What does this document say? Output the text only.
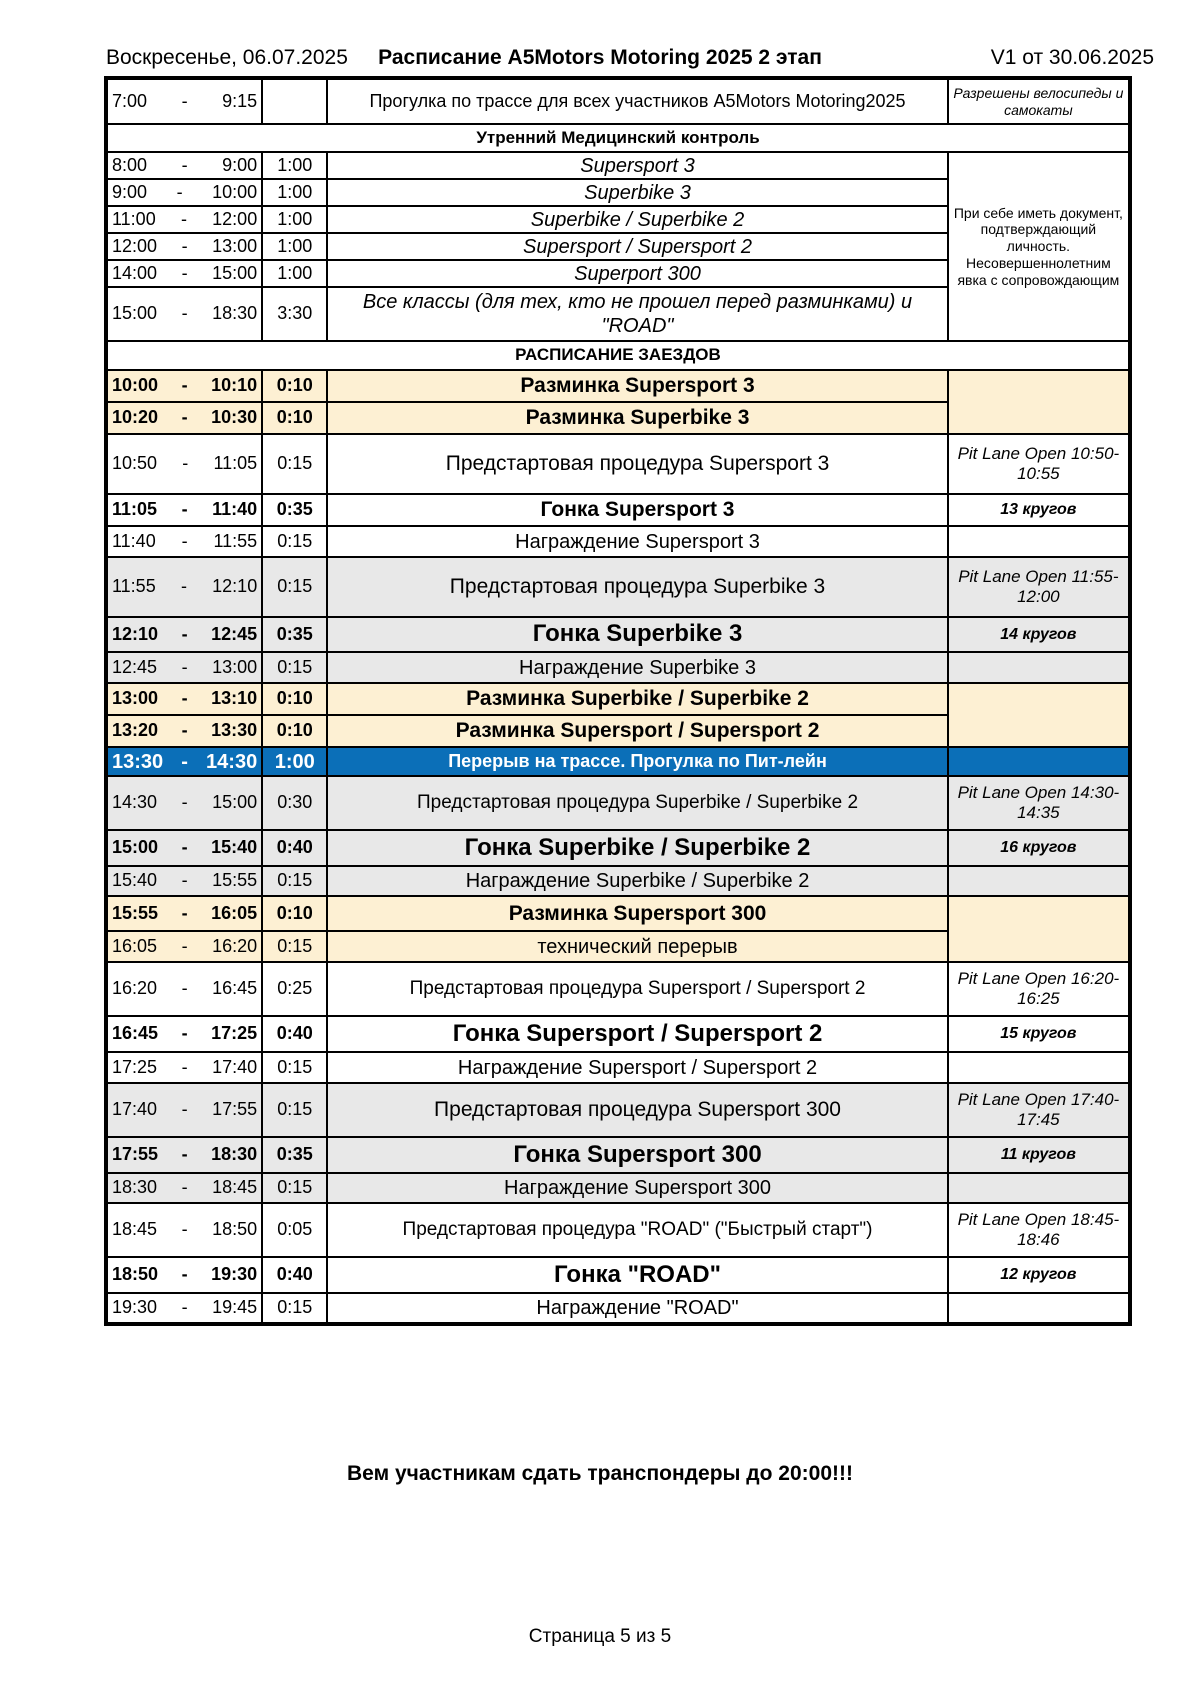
Воскресенье, 06.07.2025	Расписание A5Motors Motoring 2025 2 этап	V1 от 30.06.2025
7:00 - 9:15		Прогулка по трассе для всех участников A5Motors Motoring2025	Разрешены велосипеды и самокаты
Утренний Медицинский контроль			

8:00 - 9:00	1:00	Supersport 3	При себе иметь документ, подтверждающий личность. Несовершеннолетним явка с сопровождающим

9:00 - 10:00	1:00	Superbike 3	

11:00 - 12:00	1:00	Superbike / Superbike 2	

12:00 - 13:00	1:00	Supersport / Supersport 2	

14:00 - 15:00	1:00	Superport 300	

15:00 - 18:30	3:30	Все классы (для тех, кто не прошел перед разминками) и "ROAD"	
РАСПИСАНИЕ ЗАЕЗДОВ			

10:00 - 10:10	0:10	Разминка Supersport 3	

10:20 - 10:30	0:10	Разминка Superbike 3	

10:50 - 11:05	0:15	Предстартовая процедура Supersport 3	Pit Lane Open 10:50-10:55

11:05 - 11:40	0:35	Гонка Supersport 3	13 кругов

11:40 - 11:55	0:15	Награждение Supersport 3	

11:55 - 12:10	0:15	Предстартовая процедура Superbike 3	Pit Lane Open 11:55-12:00

12:10 - 12:45	0:35	Гонка Superbike 3	14 кругов

12:45 - 13:00	0:15	Награждение Superbike 3	

13:00 - 13:10	0:10	Разминка Superbike / Superbike 2	

13:20 - 13:30	0:10	Разминка Supersport / Supersport 2	

13:30 - 14:30	1:00	Перерыв на трассе. Прогулка по Пит-лейн	

14:30 - 15:00	0:30	Предстартовая процедура Superbike / Superbike 2	Pit Lane Open 14:30-14:35

15:00 - 15:40	0:40	Гонка Superbike / Superbike 2	16 кругов

15:40 - 15:55	0:15	Награждение Superbike / Superbike 2	

15:55 - 16:05	0:10	Разминка Supersport 300	

16:05 - 16:20	0:15	технический перерыв	

16:20 - 16:45	0:25	Предстартовая процедура Supersport / Supersport 2	Pit Lane Open 16:20-16:25

16:45 - 17:25	0:40	Гонка Supersport / Supersport 2	15 кругов

17:25 - 17:40	0:15	Награждение Supersport / Supersport 2	

17:40 - 17:55	0:15	Предстартовая процедура Supersport 300	Pit Lane Open 17:40-17:45

17:55 - 18:30	0:35	Гонка Supersport 300	11 кругов

18:30 - 18:45	0:15	Награждение Supersport 300	

18:45 - 18:50	0:05	Предстартовая процедура "ROAD" ("Быстрый старт")	Pit Lane Open 18:45-18:46

18:50 - 19:30	0:40	Гонка "ROAD"	12 кругов

19:30 - 19:45	0:15	Награждение "ROAD"	
Вем участникам сдать транспондеры до 20:00!!!
Страница 5 из 5
